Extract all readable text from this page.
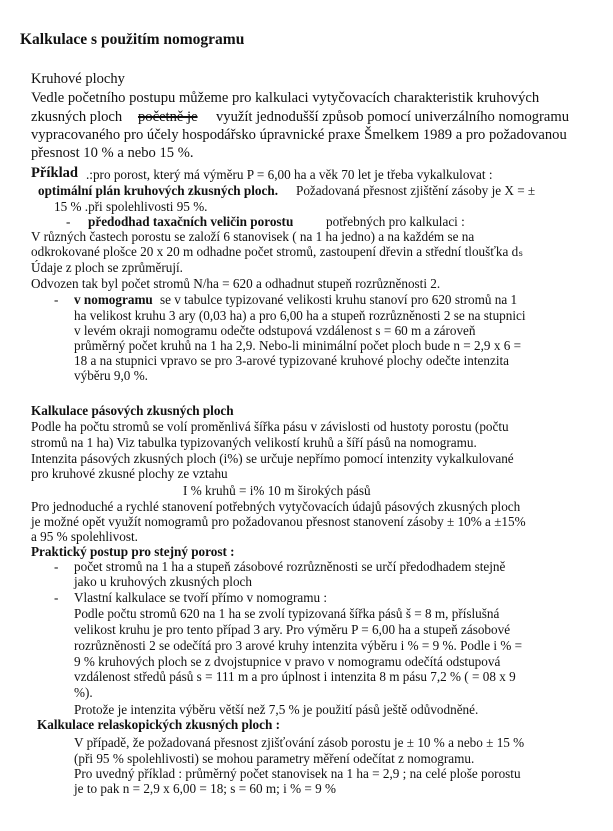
Kalkulace s použitím nomogramu
Kruhové plochy
Vedle početního postupu můžeme pro kalkulaci vytyčovacích charakteristik kruhových
zkusných ploch početně je využít jednodušší způsob pomocí univerzálního nomogramu
vypracovaného pro účely hospodářsko úpravnické praxe Šmelkem 1989 a pro požadovanou
přesnost 10 % a nebo 15 %.
Příklad .:pro porost, který má výměru P = 6,00 ha a věk 70 let je třeba vykalkulovat :
optimální plán kruhových zkusných ploch. Požadovaná přesnost zjištění zásoby je X = ±
15 % .při spolehlivosti 95 %.
- předodhad taxačních veličin porostu potřebných pro kalkulaci :
V různých častech porostu se založí 6 stanovisek ( na 1 ha jedno) a na každém se na
odkrokované plošce 20 x 20 m odhadne počet stromů, zastoupení dřevin a střední tloušťka dₛ
Údaje z ploch se zprůměrují.
Odvozen tak byl počet stromů N/ha = 620 a odhadnut stupeň rozrůzněnosti 2.
- v nomogramu se v tabulce typizované velikosti kruhu stanoví pro 620 stromů na 1
ha velikost kruhu 3 ary (0,03 ha) a pro 6,00 ha a stupeň rozrůzněnosti 2 se na stupnici
v levém okraji nomogramu odečte odstupová vzdálenost s = 60 m a zároveň
průměrný počet kruhů na 1 ha 2,9. Nebo-li minimální počet ploch bude n = 2,9 x 6 =
18 a na stupnici vpravo se pro 3-arové typizované kruhové plochy odečte intenzita
výběru 9,0 %.
Kalkulace pásových zkusných ploch
Podle ha počtu stromů se volí proměnlivá šířka pásu v závislosti od hustoty porostu (počtu
stromů na 1 ha) Viz tabulka typizovaných velikostí kruhů a šíří pásů na nomogramu.
Intenzita pásových zkusných ploch (i%) se určuje nepřímo pomocí intenzity vykalkulované
pro kruhové zkusné plochy ze vztahu
I % kruhů = i% 10 m širokých pásů
Pro jednoduché a rychlé stanovení potřebných vytyčovacích údajů pásových zkusných ploch
je možné opět využít nomogramů pro požadovanou přesnost stanovení zásoby ± 10% a ±15%
a 95 % spolehlivost.
Praktický postup pro stejný porost :
- počet stromů na 1 ha a stupeň zásobové rozrůzněnosti se určí předodhadem stejně
jako u kruhových zkusných ploch
- Vlastní kalkulace se tvoří přímo v nomogramu :
Podle počtu stromů 620 na 1 ha se zvolí typizovaná šířka pásů š = 8 m, příslušná
velikost kruhu je pro tento případ 3 ary. Pro výměru P = 6,00 ha a stupeň zásobové
rozrůzněnosti 2 se odečítá pro 3 arové kruhy intenzita výběru i % = 9 %. Podle i % =
9 % kruhových ploch se z dvojstupnice v pravo v nomogramu odečítá odstupová
vzdálenost středů pásů s = 111 m a pro úplnost i intenzita 8 m pásu 7,2 % ( = 08 x 9
%).
Protože je intenzita výběru větší než 7,5 % je použití pásů ještě odůvodněné.
Kalkulace relaskopických zkusných ploch :
V případě, že požadovaná přesnost zjišťování zásob porostu je ± 10 % a nebo ± 15 %
(při 95 % spolehlivosti) se mohou parametry měření odečítat z nomogramu.
Pro uvedný příklad : průměrný počet stanovisek na 1 ha = 2,9 ; na celé ploše porostu
je to pak n = 2,9 x 6,00 = 18; s = 60 m; i % = 9 %
